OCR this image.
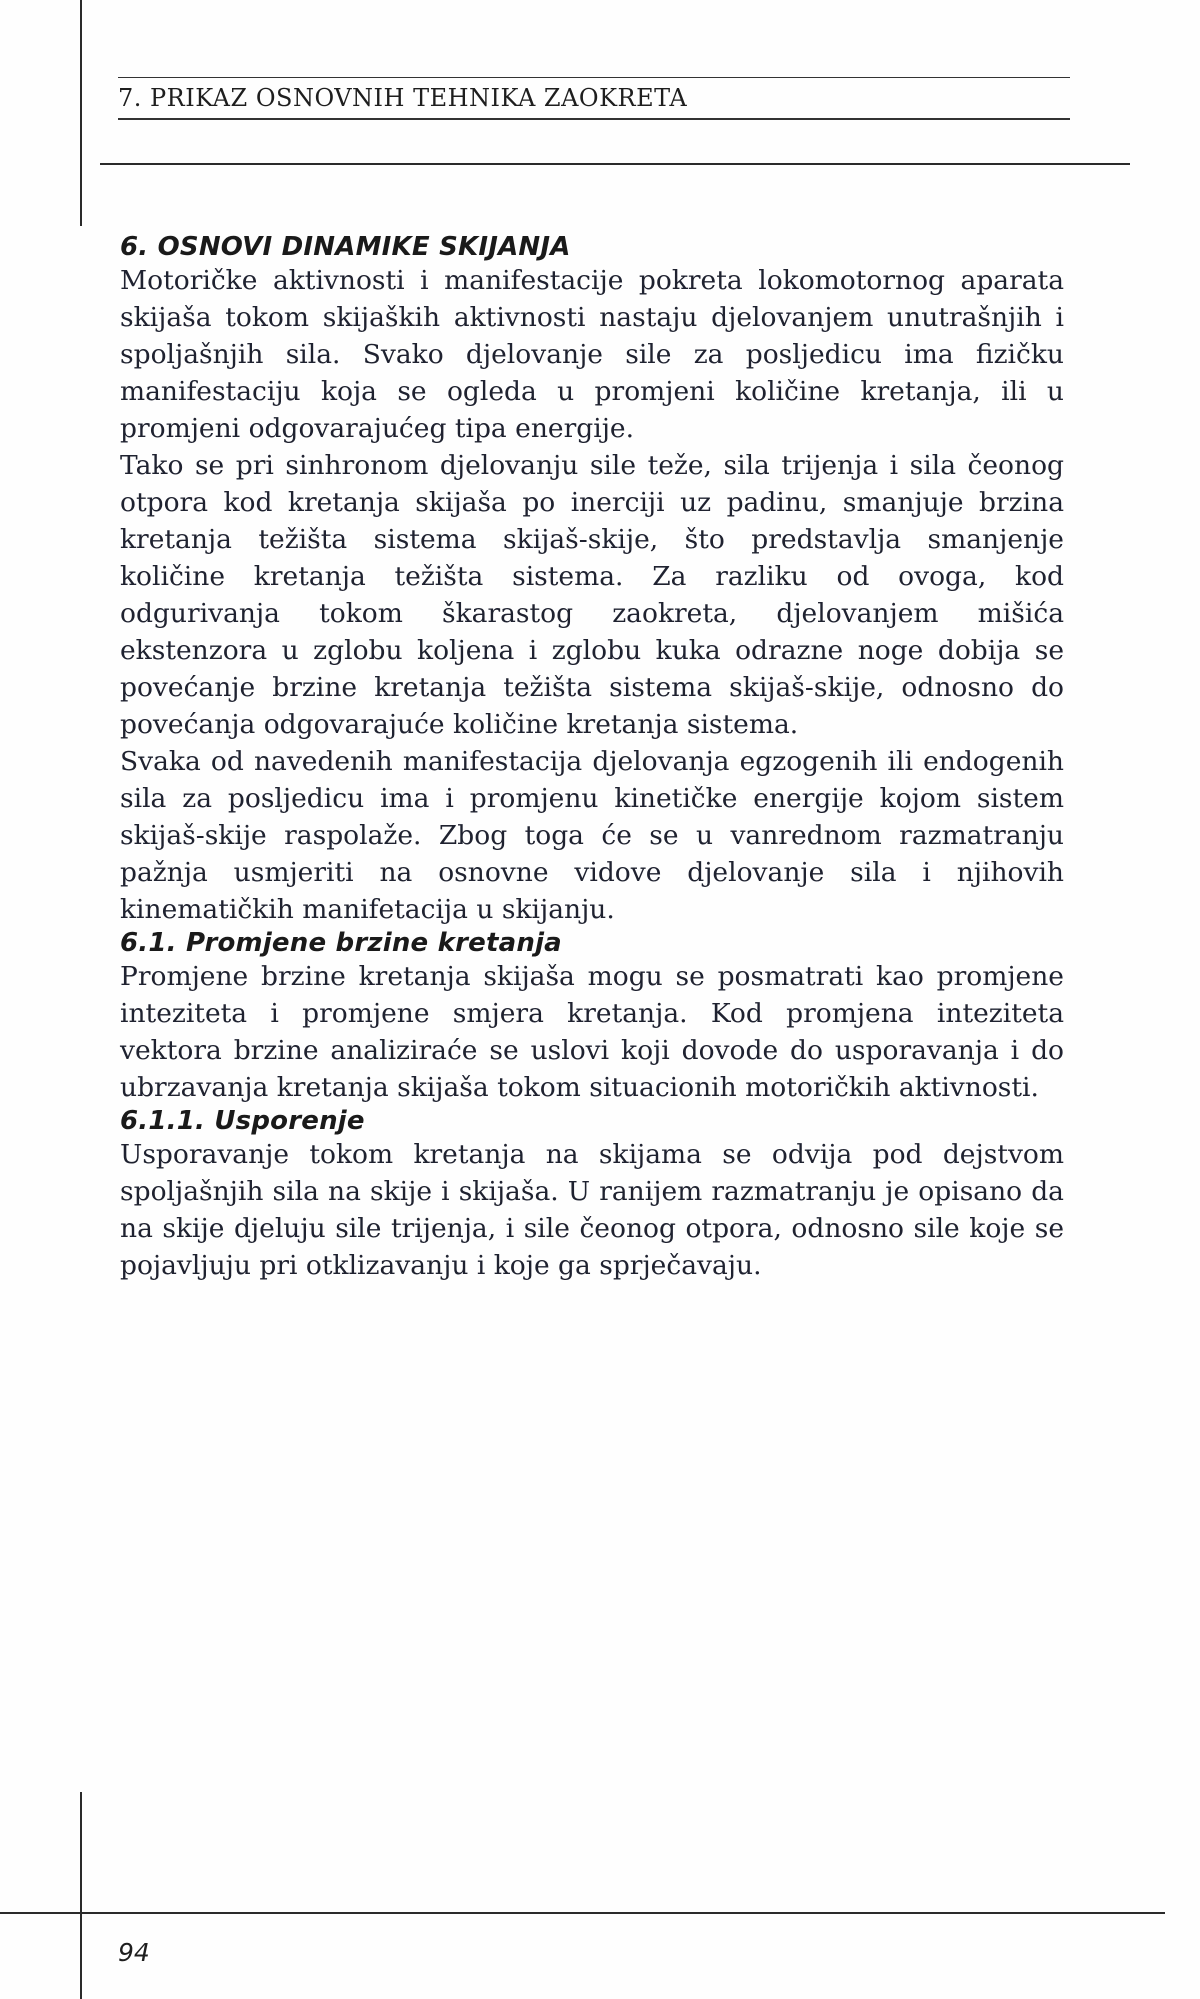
7. PRIKAZ OSNOVNIH TEHNIKA ZAOKRETA
6. OSNOVI DINAMIKE SKIJANJA

Motoričke aktivnosti i manifestacije pokreta lokomotornog aparata skijaša tokom skijaških aktivnosti nastaju djelovanjem unutrašnjih i spoljašnjih sila. Svako djelovanje sile za posljedicu ima fizičku manifestaciju koja se ogleda u promjeni količine kretanja, ili u promjeni odgovarajućeg tipa energije.

Tako se pri sinhronom djelovanju sile teže, sila trijenja i sila čeonog otpora kod kretanja skijaša po inerciji uz padinu, smanjuje brzina kretanja težišta sistema skijaš-skije, što predstavlja smanjenje količine kretanja težišta sistema. Za razliku od ovoga, kod odgurivanja tokom škarastog zaokreta, djelovanjem mišića ekstenzora u zglobu koljena i zglobu kuka odrazne noge dobija se povećanje brzine kretanja težišta sistema skijaš-skije, odnosno do povećanja odgovarajuće količine kretanja sistema.

Svaka od navedenih manifestacija djelovanja egzogenih ili endogenih sila za posljedicu ima i promjenu kinetičke energije kojom sistem skijaš-skije raspolaže. Zbog toga će se u vanrednom razmatranju pažnja usmjeriti na osnovne vidove djelovanje sila i njihovih kinematičkih manifetacija u skijanju.

6.1. Promjene brzine kretanja

Promjene brzine kretanja skijaša mogu se posmatrati kao promjene inteziteta i promjene smjera kretanja. Kod promjena inteziteta vektora brzine analiziraće se uslovi koji dovode do usporavanja i do ubrzavanja kretanja skijaša tokom situacionih motoričkih aktivnosti.

6.1.1. Usporenje

Usporavanje tokom kretanja na skijama se odvija pod dejstvom spoljašnjih sila na skije i skijaša. U ranijem razmatranju je opisano da na skije djeluju sile trijenja, i sile čeonog otpora, odnosno sile koje se pojavljuju pri otklizavanju i koje ga sprječavaju.

94
